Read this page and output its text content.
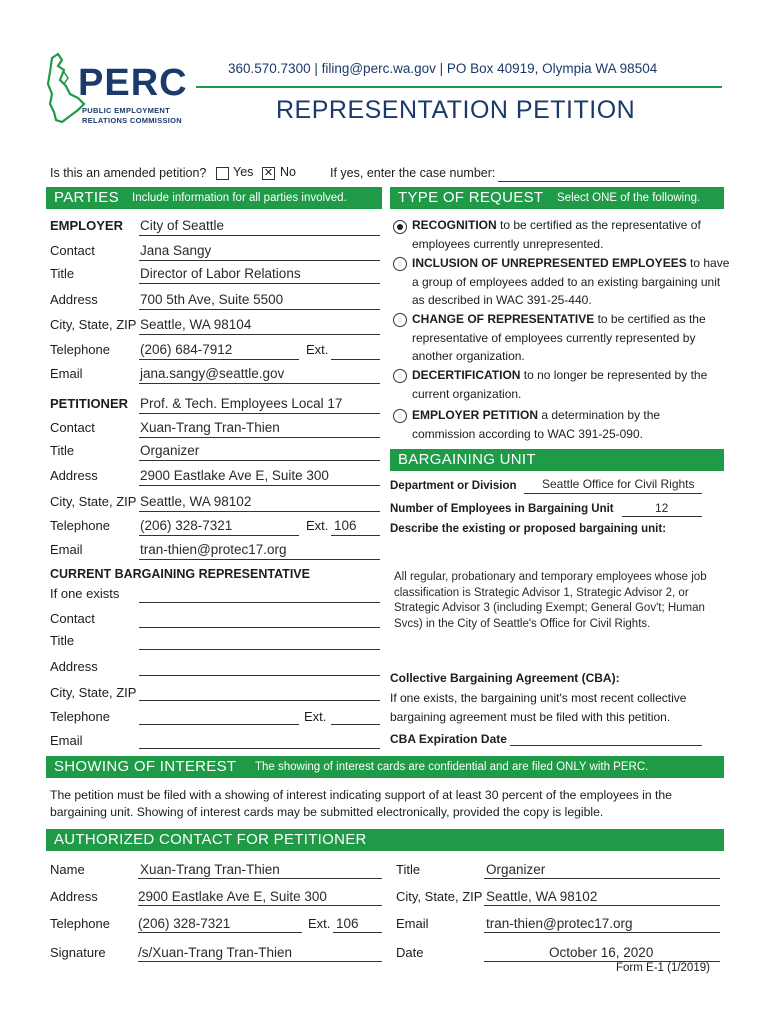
PERC
PUBLIC EMPLOYMENT
RELATIONS COMMISSION
360.570.7300 | filing@perc.wa.gov | PO Box 40919, Olympia WA 98504
REPRESENTATION PETITION
Is this an amended petition? Yes ✕ No	If yes, enter the case number:
PARTIES Include information for all parties involved.
EMPLOYER City of Seattle
Contact	Jana Sangy
Title	Director of Labor Relations
Address	700 5th Ave, Suite 5500
City, State, ZIP Seattle, WA 98104
Telephone (206) 684-7912	Ext.
Email	jana.sangy@seattle.gov
PETITIONER Prof. & Tech. Employees Local 17
Contact	Xuan-Trang Tran-Thien
Title	Organizer
Address	2900 Eastlake Ave E, Suite 300
City, State, ZIP Seattle, WA 98102
Telephone (206) 328-7321	Ext. 106
Email	tran-thien@protec17.org
CURRENT BARGAINING REPRESENTATIVE
If one exists
Contact
Title
Address
City, State, ZIP
Telephone	Ext.
Email
TYPE OF REQUEST Select ONE of the following.
RECOGNITION to be certified as the representative of employees currently unrepresented.
INCLUSION OF UNREPRESENTED EMPLOYEES to have a group of employees added to an existing bargaining unit as described in WAC 391-25-440.
CHANGE OF REPRESENTATIVE to be certified as the representative of employees currently represented by another organization.
DECERTIFICATION to no longer be represented by the current organization.
EMPLOYER PETITION a determination by the commission according to WAC 391-25-090.
BARGAINING UNIT
Department or Division Seattle Office for Civil Rights
Number of Employees in Bargaining Unit	12
Describe the existing or proposed bargaining unit:
All regular, probationary and temporary employees whose job classification is Strategic Advisor 1, Strategic Advisor 2, or Strategic Advisor 3 (including Exempt; General Gov't; Human Svcs) in the City of Seattle's Office for Civil Rights.
Collective Bargaining Agreement (CBA):
If one exists, the bargaining unit's most recent collective bargaining agreement must be filed with this petition.
CBA Expiration Date
SHOWING OF INTEREST The showing of interest cards are confidential and are filed ONLY with PERC.
The petition must be filed with a showing of interest indicating support of at least 30 percent of the employees in the bargaining unit. Showing of interest cards may be submitted electronically, provided the copy is legible.
AUTHORIZED CONTACT FOR PETITIONER
Name	Xuan-Trang Tran-Thien	Title	Organizer
Address	2900 Eastlake Ave E, Suite 300	City, State, ZIP Seattle, WA 98102
Telephone (206) 328-7321	Ext. 106	Email	tran-thien@protec17.org
Signature /s/Xuan-Trang Tran-Thien	Date	October 16, 2020
Form E-1 (1/2019)
